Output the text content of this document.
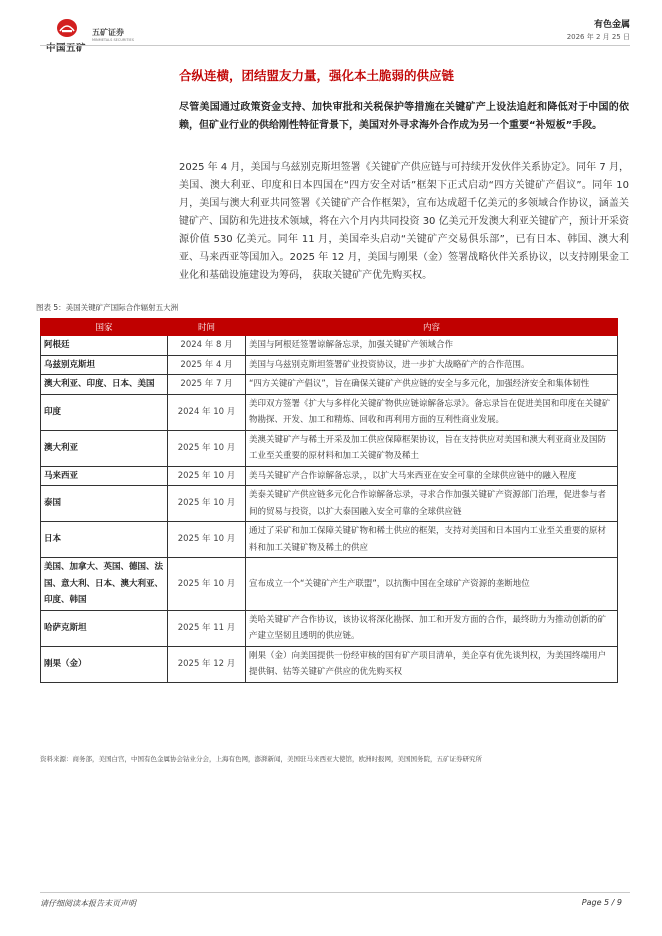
中国五矿
五矿证券
MINMETALS SECURITIES
有色金属
2026 年 2 月 25 日
合纵连横，团结盟友力量，强化本土脆弱的供应链
尽管美国通过政策资金支持、加快审批和关税保护等措施在关键矿产上设法追赶和降低对于中国的依赖，但矿业行业的供给刚性特征背景下，美国对外寻求海外合作成为另一个重要“补短板”手段。
2025 年 4 月，美国与乌兹别克斯坦签署《关键矿产供应链与可持续开发伙伴关系协定》。同年 7 月，美国、澳大利亚、印度和日本四国在“四方安全对话”框架下正式启动“四方关键矿产倡议”。同年 10 月，美国与澳大利亚共同签署《关键矿产合作框架》，宣布达成超千亿美元的多领域合作协议，涵盖关键矿产、国防和先进技术领域，将在六个月内共同投资 30 亿美元开发澳大利亚关键矿产，预计开采资源价值 530 亿美元。同年 11 月，美国牵头启动“关键矿产交易俱乐部”，已有日本、韩国、澳大利亚、马来西亚等国加入。2025 年 12 月，美国与刚果（金）签署战略伙伴关系协议，以支持刚果金工业化和基础设施建设为筹码， 获取关键矿产优先购买权。
图表 5：美国关键矿产国际合作辐射五大洲
国家	时间	内容
阿根廷	2024 年 8 月	美国与阿根廷签署谅解备忘录，加强关键矿产领域合作
乌兹别克斯坦	2025 年 4 月	美国与乌兹别克斯坦签署矿业投资协议，进一步扩大战略矿产的合作范围。
澳大利亚、印度、日本、美国	2025 年 7 月	“四方关键矿产倡议”，旨在确保关键矿产供应链的安全与多元化，加强经济安全和集体韧性
印度	2024 年 10 月	美印双方签署《扩大与多样化关键矿物供应链谅解备忘录》。备忘录旨在促进美国和印度在关键矿物勘探、开发、加工和精炼、回收和再利用方面的互利性商业发展。
澳大利亚	2025 年 10 月	美澳关键矿产与稀土开采及加工供应保障框架协议，旨在支持供应对美国和澳大利亚商业及国防工业至关重要的原材料和加工关键矿物及稀土
马来西亚	2025 年 10 月	美马关键矿产合作谅解备忘录，，以扩大马来西亚在安全可靠的全球供应链中的融入程度
泰国	2025 年 10 月	美泰关键矿产供应链多元化合作谅解备忘录，寻求合作加强关键矿产资源部门治理，促进参与者间的贸易与投资，以扩大泰国融入安全可靠的全球供应链
日本	2025 年 10 月	通过了采矿和加工保障关键矿物和稀土供应的框架，支持对美国和日本国内工业至关重要的原材料和加工关键矿物及稀土的供应
美国、加拿大、英国、德国、法国、意大利、日本、澳大利亚、印度、韩国	2025 年 10 月	宣布成立一个“关键矿产生产联盟”，以抗衡中国在全球矿产资源的垄断地位
哈萨克斯坦	2025 年 11 月	美哈关键矿产合作协议，该协议将深化勘探、加工和开发方面的合作，最终助力为推动创新的矿产建立坚韧且透明的供应链。
刚果（金）	2025 年 12 月	刚果（金）向美国提供一份经审核的国有矿产项目清单，美企享有优先谈判权，为美国终端用户提供铜、钴等关键矿产供应的优先购买权
资料来源：商务部，美国白宫，中国有色金属协会钴业分会，上海有色网，澎湃新闻，美国驻马来西亚大使馆，欧洲时报网，美国国务院，五矿证券研究所
请仔细阅读本报告末页声明	Page 5 / 9
